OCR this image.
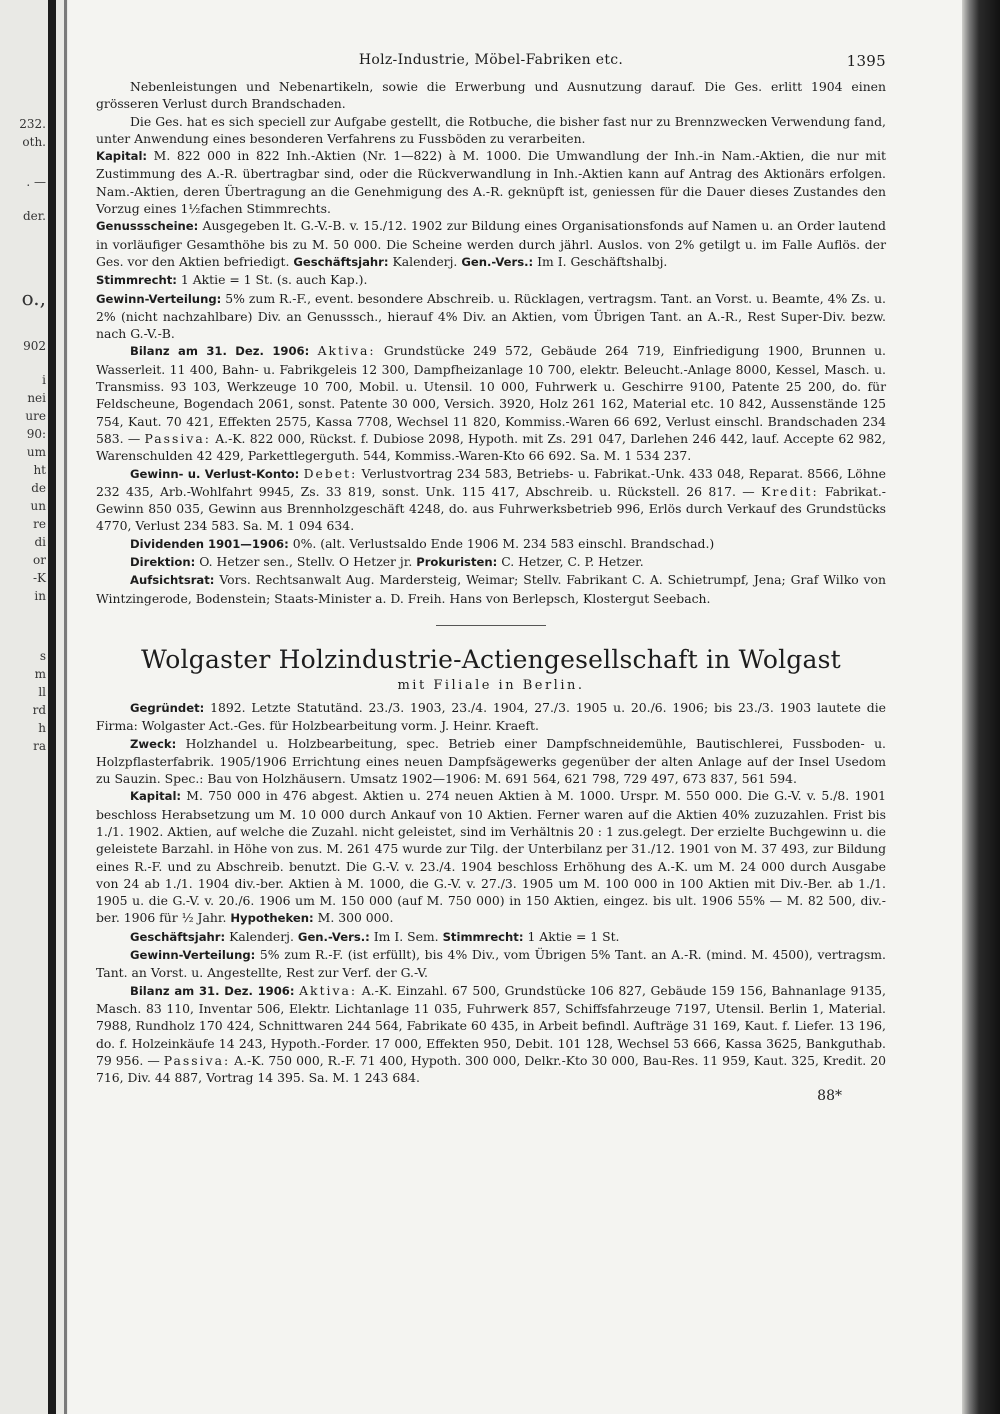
232.
oth.
. —
der.
o.,
902
i
nei
ure
90:
um
ht
de
un
re
di
or
-K
in
s
m
ll
rd
h
ra
Holz-Industrie, Möbel-Fabriken etc.	1395

Nebenleistungen und Nebenartikeln, sowie die Erwerbung und Ausnutzung darauf. Die Ges. erlitt 1904 einen grösseren Verlust durch Brandschaden.

Die Ges. hat es sich speciell zur Aufgabe gestellt, die Rotbuche, die bisher fast nur zu Brennzwecken Verwendung fand, unter Anwendung eines besonderen Verfahrens zu Fussböden zu verarbeiten.

Kapital: M. 822 000 in 822 Inh.-Aktien (Nr. 1—822) à M. 1000. Die Umwandlung der Inh.-in Nam.-Aktien, die nur mit Zustimmung des A.-R. übertragbar sind, oder die Rückverwandlung in Inh.-Aktien kann auf Antrag des Aktionärs erfolgen. Nam.-Aktien, deren Übertragung an die Genehmigung des A.-R. geknüpft ist, geniessen für die Dauer dieses Zustandes den Vorzug eines 1½fachen Stimmrechts.

Genussscheine: Ausgegeben lt. G.-V.-B. v. 15./12. 1902 zur Bildung eines Organisationsfonds auf Namen u. an Order lautend in vorläufiger Gesamthöhe bis zu M. 50 000. Die Scheine werden durch jährl. Auslos. von 2% getilgt u. im Falle Auflös. der Ges. vor den Aktien befriedigt. Geschäftsjahr: Kalenderj. Gen.-Vers.: Im I. Geschäftshalbj.

Stimmrecht: 1 Aktie = 1 St. (s. auch Kap.).

Gewinn-Verteilung: 5% zum R.-F., event. besondere Abschreib. u. Rücklagen, vertragsm. Tant. an Vorst. u. Beamte, 4% Zs. u. 2% (nicht nachzahlbare) Div. an Genusssch., hierauf 4% Div. an Aktien, vom Übrigen Tant. an A.-R., Rest Super-Div. bezw. nach G.-V.-B.

Bilanz am 31. Dez. 1906: Aktiva: Grundstücke 249 572, Gebäude 264 719, Einfriedigung 1900, Brunnen u. Wasserleit. 11 400, Bahn- u. Fabrikgeleis 12 300, Dampfheizanlage 10 700, elektr. Beleucht.-Anlage 8000, Kessel, Masch. u. Transmiss. 93 103, Werkzeuge 10 700, Mobil. u. Utensil. 10 000, Fuhrwerk u. Geschirre 9100, Patente 25 200, do. für Feldscheune, Bogendach 2061, sonst. Patente 30 000, Versich. 3920, Holz 261 162, Material etc. 10 842, Aussenstände 125 754, Kaut. 70 421, Effekten 2575, Kassa 7708, Wechsel 11 820, Kommiss.-Waren 66 692, Verlust einschl. Brandschaden 234 583. — Passiva: A.-K. 822 000, Rückst. f. Dubiose 2098, Hypoth. mit Zs. 291 047, Darlehen 246 442, lauf. Accepte 62 982, Warenschulden 42 429, Parkettlegerguth. 544, Kommiss.-Waren-Kto 66 692. Sa. M. 1 534 237.

Gewinn- u. Verlust-Konto: Debet: Verlustvortrag 234 583, Betriebs- u. Fabrikat.-Unk. 433 048, Reparat. 8566, Löhne 232 435, Arb.-Wohlfahrt 9945, Zs. 33 819, sonst. Unk. 115 417, Abschreib. u. Rückstell. 26 817. — Kredit: Fabrikat.-Gewinn 850 035, Gewinn aus Brennholzgeschäft 4248, do. aus Fuhrwerksbetrieb 996, Erlös durch Verkauf des Grundstücks 4770, Verlust 234 583. Sa. M. 1 094 634.

Dividenden 1901—1906: 0%. (alt. Verlustsaldo Ende 1906 M. 234 583 einschl. Brandschad.)

Direktion: O. Hetzer sen., Stellv. O Hetzer jr. Prokuristen: C. Hetzer, C. P. Hetzer.

Aufsichtsrat: Vors. Rechtsanwalt Aug. Mardersteig, Weimar; Stellv. Fabrikant C. A. Schietrumpf, Jena; Graf Wilko von Wintzingerode, Bodenstein; Staats-Minister a. D. Freih. Hans von Berlepsch, Klostergut Seebach.

Wolgaster Holzindustrie-Actiengesellschaft in Wolgast
mit Filiale in Berlin.

Gegründet: 1892. Letzte Statutänd. 23./3. 1903, 23./4. 1904, 27./3. 1905 u. 20./6. 1906; bis 23./3. 1903 lautete die Firma: Wolgaster Act.-Ges. für Holzbearbeitung vorm. J. Heinr. Kraeft.

Zweck: Holzhandel u. Holzbearbeitung, spec. Betrieb einer Dampfschneidemühle, Bautischlerei, Fussboden- u. Holzpflasterfabrik. 1905/1906 Errichtung eines neuen Dampfsägewerks gegenüber der alten Anlage auf der Insel Usedom zu Sauzin. Spec.: Bau von Holzhäusern. Umsatz 1902—1906: M. 691 564, 621 798, 729 497, 673 837, 561 594.

Kapital: M. 750 000 in 476 abgest. Aktien u. 274 neuen Aktien à M. 1000. Urspr. M. 550 000. Die G.-V. v. 5./8. 1901 beschloss Herabsetzung um M. 10 000 durch Ankauf von 10 Aktien. Ferner waren auf die Aktien 40% zuzuzahlen. Frist bis 1./1. 1902. Aktien, auf welche die Zuzahl. nicht geleistet, sind im Verhältnis 20 : 1 zus.gelegt. Der erzielte Buchgewinn u. die geleistete Barzahl. in Höhe von zus. M. 261 475 wurde zur Tilg. der Unterbilanz per 31./12. 1901 von M. 37 493, zur Bildung eines R.-F. und zu Abschreib. benutzt. Die G.-V. v. 23./4. 1904 beschloss Erhöhung des A.-K. um M. 24 000 durch Ausgabe von 24 ab 1./1. 1904 div.-ber. Aktien à M. 1000, die G.-V. v. 27./3. 1905 um M. 100 000 in 100 Aktien mit Div.-Ber. ab 1./1. 1905 u. die G.-V. v. 20./6. 1906 um M. 150 000 (auf M. 750 000) in 150 Aktien, eingez. bis ult. 1906 55% — M. 82 500, div.-ber. 1906 für ½ Jahr. Hypotheken: M. 300 000.

Geschäftsjahr: Kalenderj. Gen.-Vers.: Im I. Sem. Stimmrecht: 1 Aktie = 1 St.

Gewinn-Verteilung: 5% zum R.-F. (ist erfüllt), bis 4% Div., vom Übrigen 5% Tant. an A.-R. (mind. M. 4500), vertragsm. Tant. an Vorst. u. Angestellte, Rest zur Verf. der G.-V.

Bilanz am 31. Dez. 1906: Aktiva: A.-K. Einzahl. 67 500, Grundstücke 106 827, Gebäude 159 156, Bahnanlage 9135, Masch. 83 110, Inventar 506, Elektr. Lichtanlage 11 035, Fuhrwerk 857, Schiffsfahrzeuge 7197, Utensil. Berlin 1, Material. 7988, Rundholz 170 424, Schnittwaren 244 564, Fabrikate 60 435, in Arbeit befindl. Aufträge 31 169, Kaut. f. Liefer. 13 196, do. f. Holzeinkäufe 14 243, Hypoth.-Forder. 17 000, Effekten 950, Debit. 101 128, Wechsel 53 666, Kassa 3625, Bankguthab. 79 956. — Passiva: A.-K. 750 000, R.-F. 71 400, Hypoth. 300 000, Delkr.-Kto 30 000, Bau-Res. 11 959, Kaut. 325, Kredit. 20 716, Div. 44 887, Vortrag 14 395. Sa. M. 1 243 684.

88*
